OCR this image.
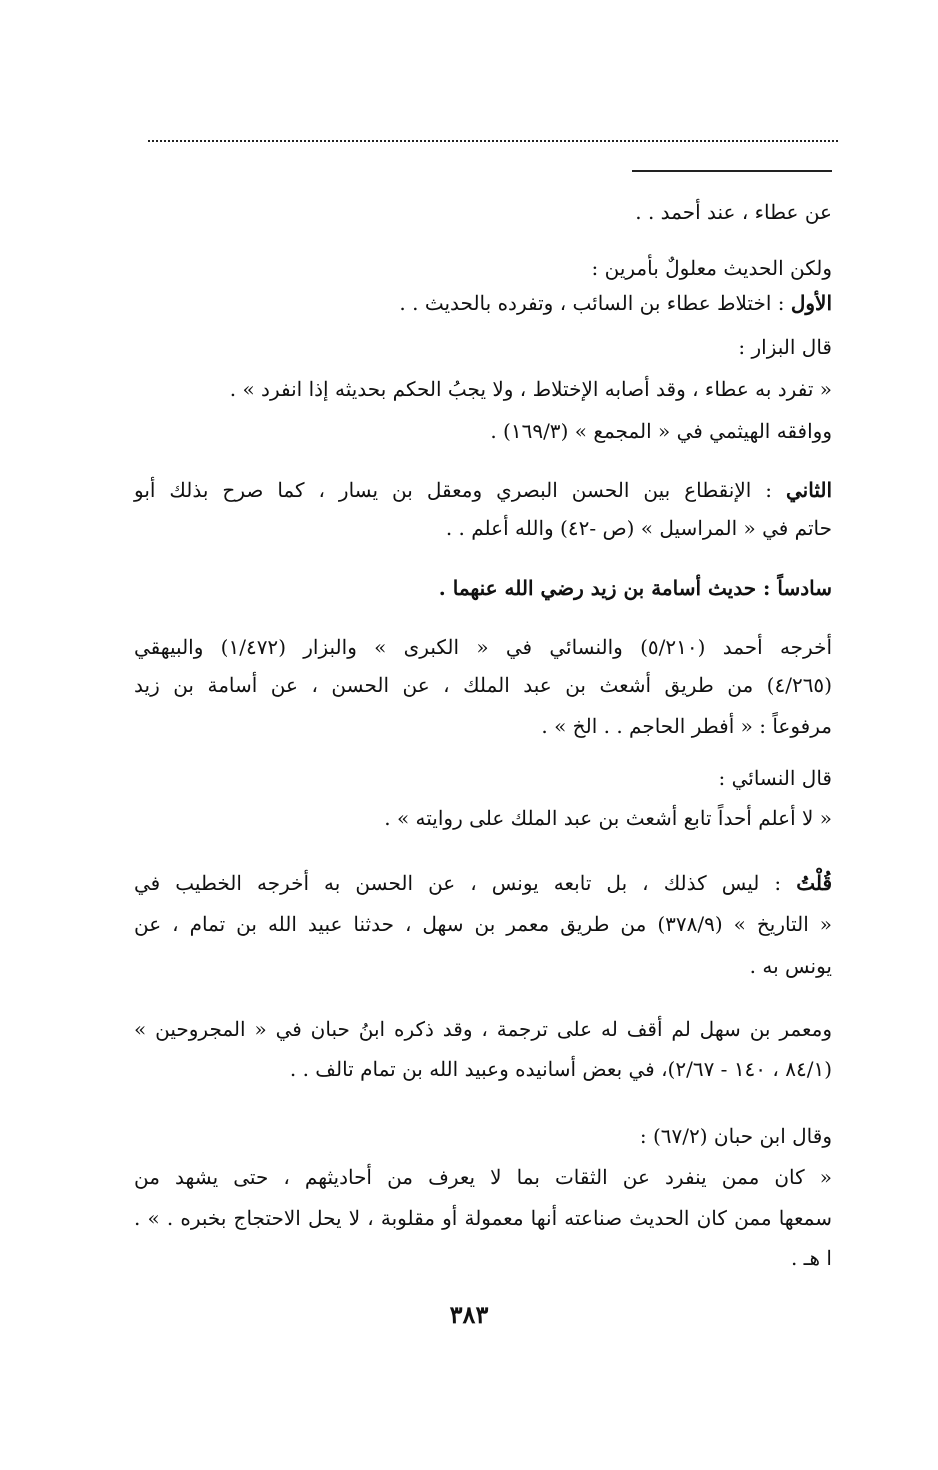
عن عطاء ، عند أحمد . .
ولكن الحديث معلولٌ بأمرين :
الأول : اختلاط عطاء بن السائب ، وتفرده بالحديث . .
قال البزار :
« تفرد به عطاء ، وقد أصابه الإختلاط ، ولا يجبُ الحكم بحديثه إذا انفرد » .
ووافقه الهيثمي في « المجمع » (١٦٩/٣) .
الثاني : الإنقطاع بين الحسن البصري ومعقل بن يسار ، كما صرح بذلك أبو
حاتم في « المراسيل » (ص -٤٢) والله أعلم . .
سادساً : حديث أسامة بن زيد رضي الله عنهما .
أخرجه أحمد (٥/٢١٠) والنسائي في « الكبرى » والبزار (١/٤٧٢) والبيهقي
(٤/٢٦٥) من طريق أشعث بن عبد الملك ، عن الحسن ، عن أسامة بن زيد
مرفوعاً : « أفطر الحاجم . . الخ » .
قال النسائي :
« لا أعلم أحداً تابع أشعث بن عبد الملك على روايته » .
قُلْتُ : ليس كذلك ، بل تابعه يونس ، عن الحسن به أخرجه الخطيب في
« التاريخ » (٣٧٨/٩) من طريق معمر بن سهل ، حدثنا عبيد الله بن تمام ، عن
يونس به .
ومعمر بن سهل لم أقف له على ترجمة ، وقد ذكره ابنُ حبان في « المجروحين »
(٨٤/١ ، ١٤٠ - ٢/٦٧)، في بعض أسانيده وعبيد الله بن تمام تالف . .
وقال ابن حبان (٦٧/٢) :
« كان ممن ينفرد عن الثقات بما لا يعرف من أحاديثهم ، حتى يشهد من
سمعها ممن كان الحديث صناعته أنها معمولة أو مقلوبة ، لا يحل الاحتجاج بخبره . » .
ا هـ .
٣٨٣
